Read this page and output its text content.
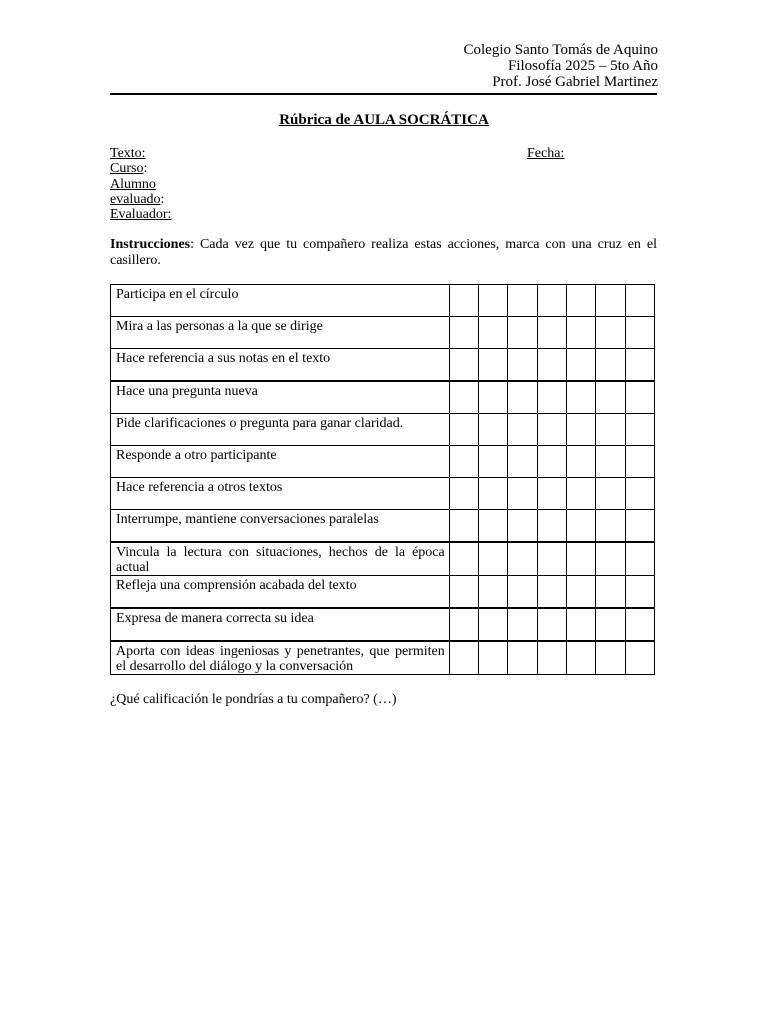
Colegio Santo Tomás de Aquino
Filosofía 2025 – 5to Año
Prof. José Gabriel Martinez
Rúbrica de AULA SOCRÁTICA
Texto:
Curso:
Alumno
evaluado:
Evaluador:
Fecha:
Instrucciones: Cada vez que tu compañero realiza estas acciones, marca con una cruz en el casillero.
Participa en el círculo							
Mira a las personas a la que se dirige							
Hace referencia a sus notas en el texto							
Hace una pregunta nueva							
Pide clarificaciones o pregunta para ganar claridad.							
Responde a otro participante							
Hace referencia a otros textos							
Interrumpe, mantiene conversaciones paralelas							
Vincula la lectura con situaciones, hechos de la época actual							
Refleja una comprensión acabada del texto							
Expresa de manera correcta su idea							
Aporta con ideas ingeniosas y penetrantes, que permiten el desarrollo del diálogo y la conversación							
¿Qué calificación le pondrías a tu compañero? (…)
